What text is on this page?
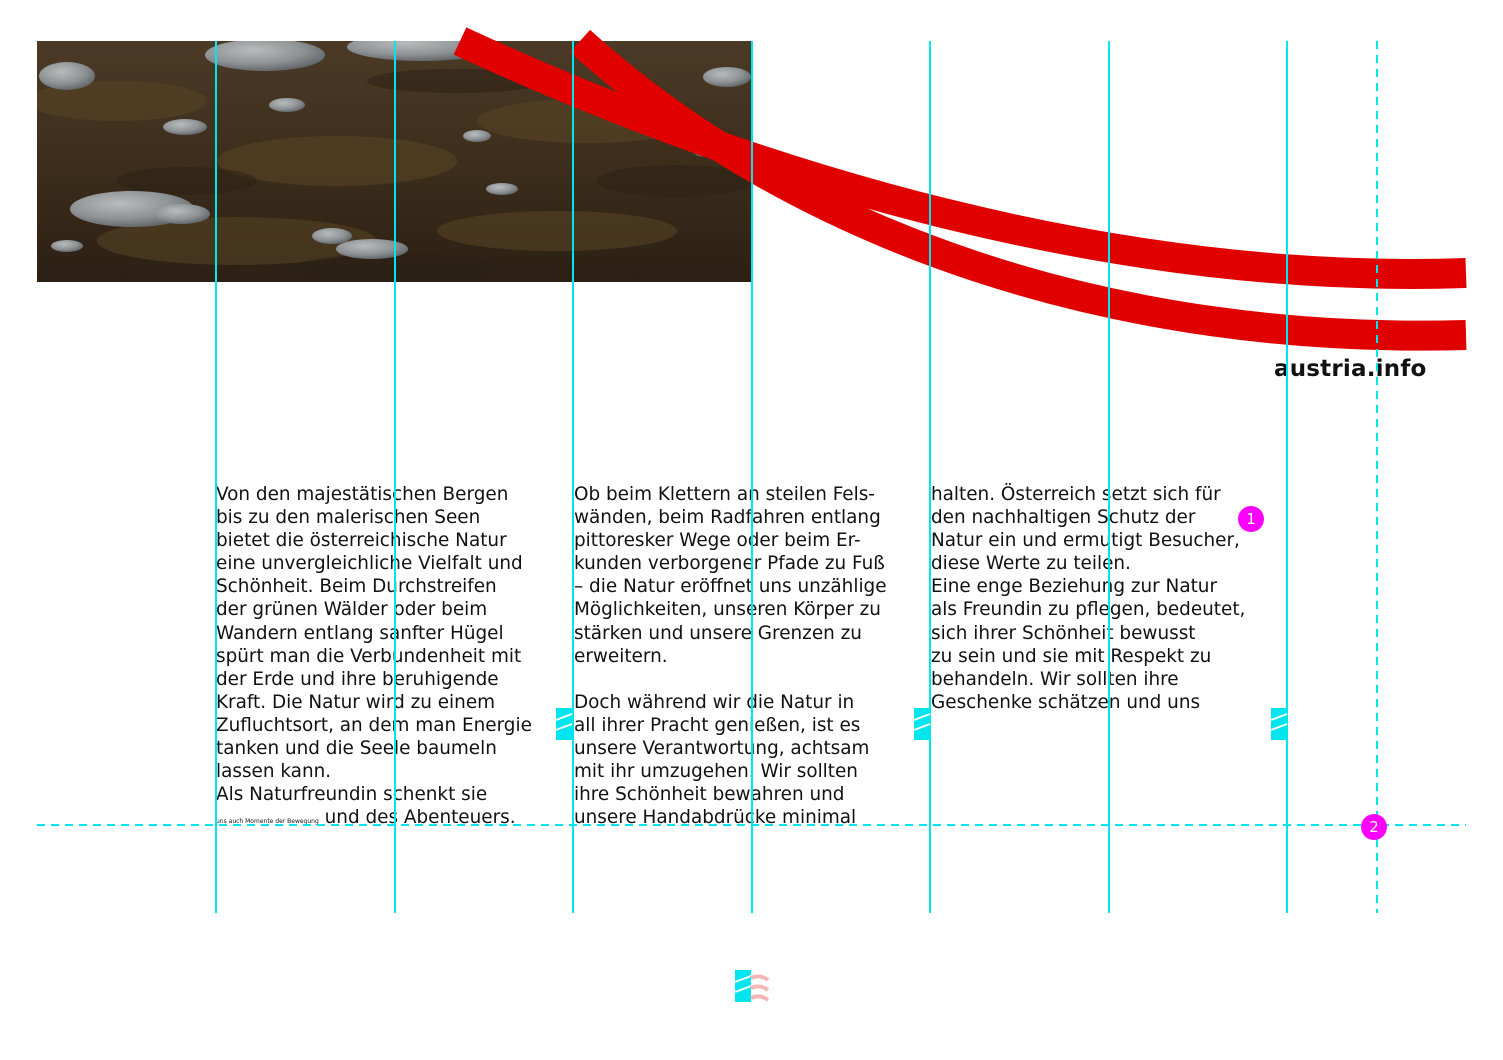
austria.info
Von den majestätischen Bergen
bis zu den malerischen Seen
bietet die österreichische Natur
eine unvergleichliche Vielfalt und
Schönheit. Beim Durchstreifen
der grünen Wälder oder beim
Wandern entlang sanfter Hügel
spürt man die Verbundenheit mit
der Erde und ihre beruhigende
Kraft. Die Natur wird zu einem
Zufluchtsort, an dem man Energie
tanken und die Seele baumeln
lassen kann.
Als Naturfreundin schenkt sie
uns auch Momente der Bewegung und des Abenteuers.
Ob beim Klettern an steilen Fels-
wänden, beim Radfahren entlang
pittoresker Wege oder beim Er-
kunden verborgener Pfade zu Fuß
– die Natur eröffnet uns unzählige
Möglichkeiten, unseren Körper zu
stärken und unsere Grenzen zu
erweitern.

Doch während wir die Natur in
all ihrer Pracht genießen, ist es
unsere Verantwortung, achtsam
mit ihr umzugehen. Wir sollten
ihre Schönheit bewahren und
unsere Handabdrücke minimal
halten. Österreich setzt sich für
den nachhaltigen Schutz der
Natur ein und ermutigt Besucher,
diese Werte zu teilen.
Eine enge Beziehung zur Natur
als Freundin zu pflegen, bedeutet,
sich ihrer Schönheit bewusst
zu sein und sie mit Respekt zu
behandeln. Wir sollten ihre
Geschenke schätzen und uns
1
2
